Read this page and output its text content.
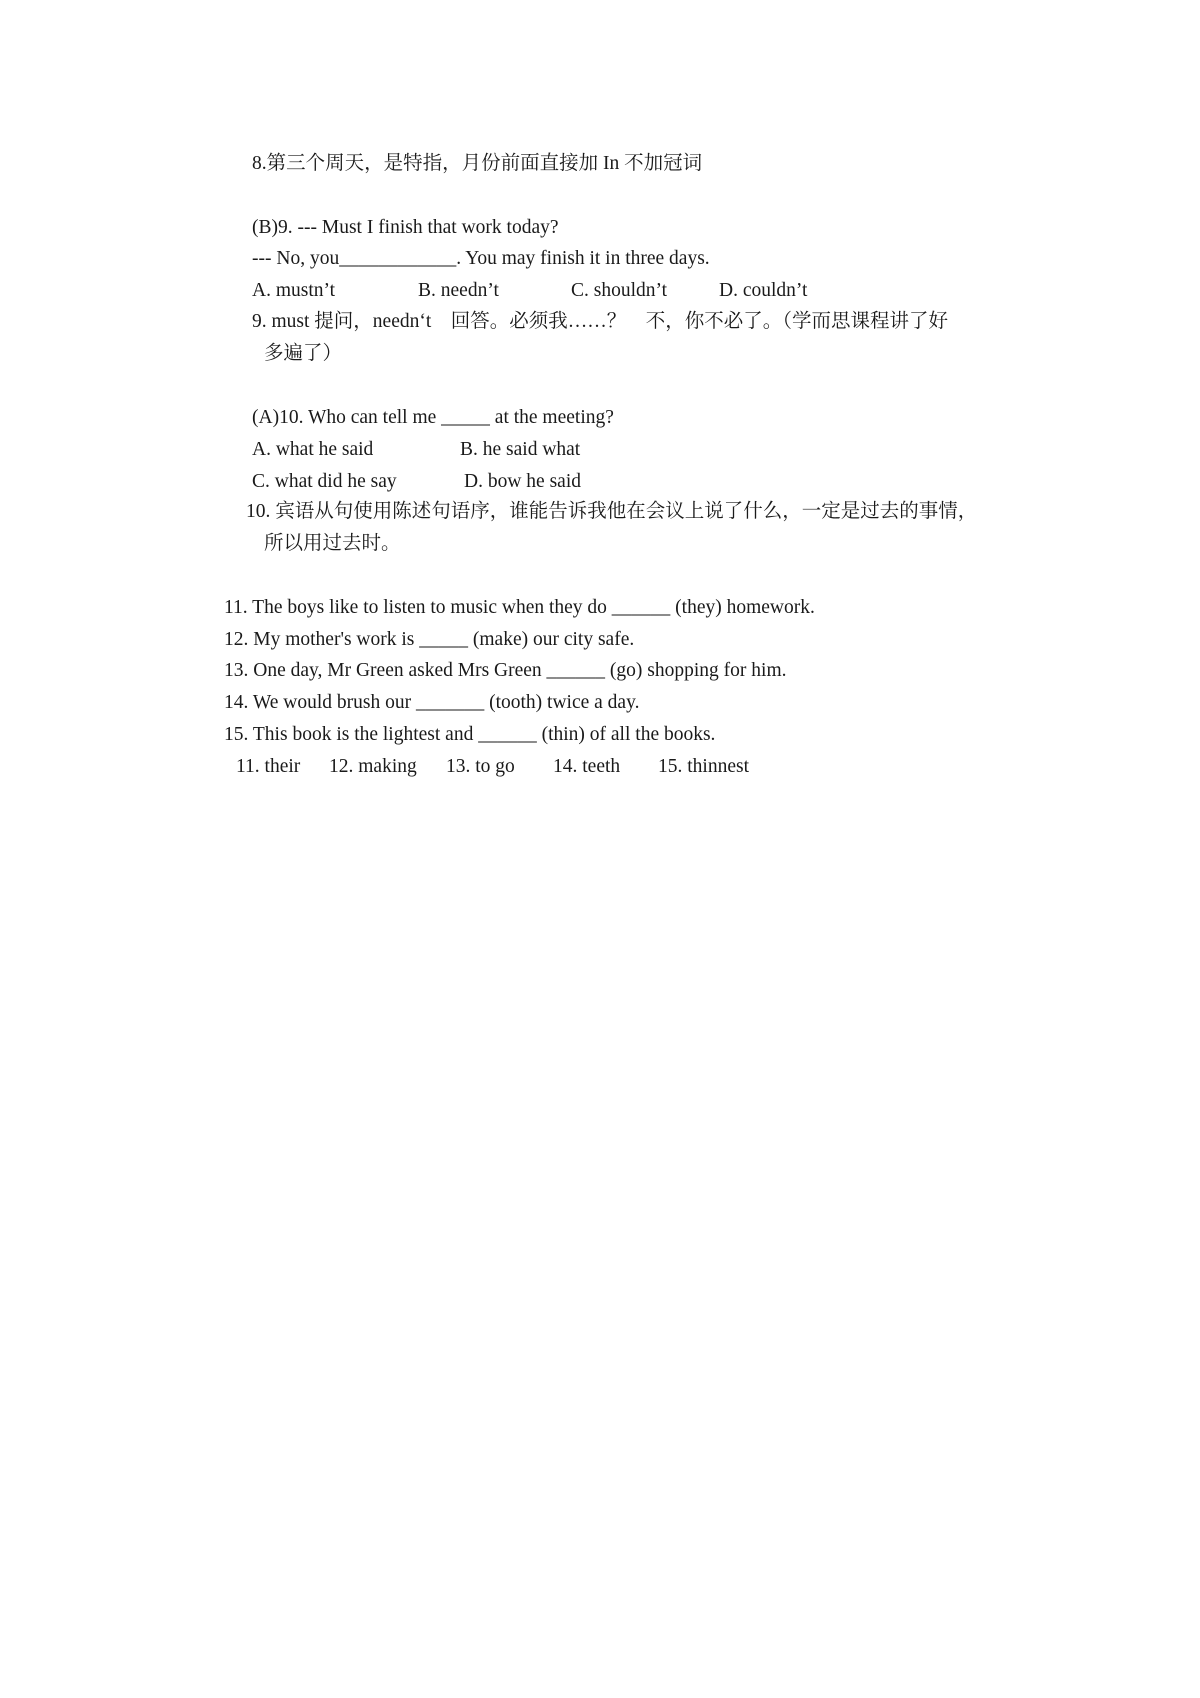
8.第三个周天，是特指，月份前面直接加 In 不加冠词
(B)9. --- Must I finish that work today?
--- No, you____________. You may finish it in three days.
A. mustn’t	B. needn’t	C. shouldn’t	D. couldn’t
9. must 提问，needn‘t　回答。必须我……？　不，你不必了。（学而思课程讲了好
多遍了）
(A)10. Who can tell me _____ at the meeting?
A. what he said	B. he said what
C. what did he say	D. bow he said
10. 宾语从句使用陈述句语序，谁能告诉我他在会议上说了什么，一定是过去的事情，
所以用过去时。
11. The boys like to listen to music when they do ______ (they) homework.
12. My mother's work is _____ (make) our city safe.
13. One day, Mr Green asked Mrs Green ______ (go) shopping for him.
14. We would brush our _______ (tooth) twice a day.
15. This book is the lightest and ______ (thin) of all the books.
11. their 12. making 13. to go 14. teeth 15. thinnest
